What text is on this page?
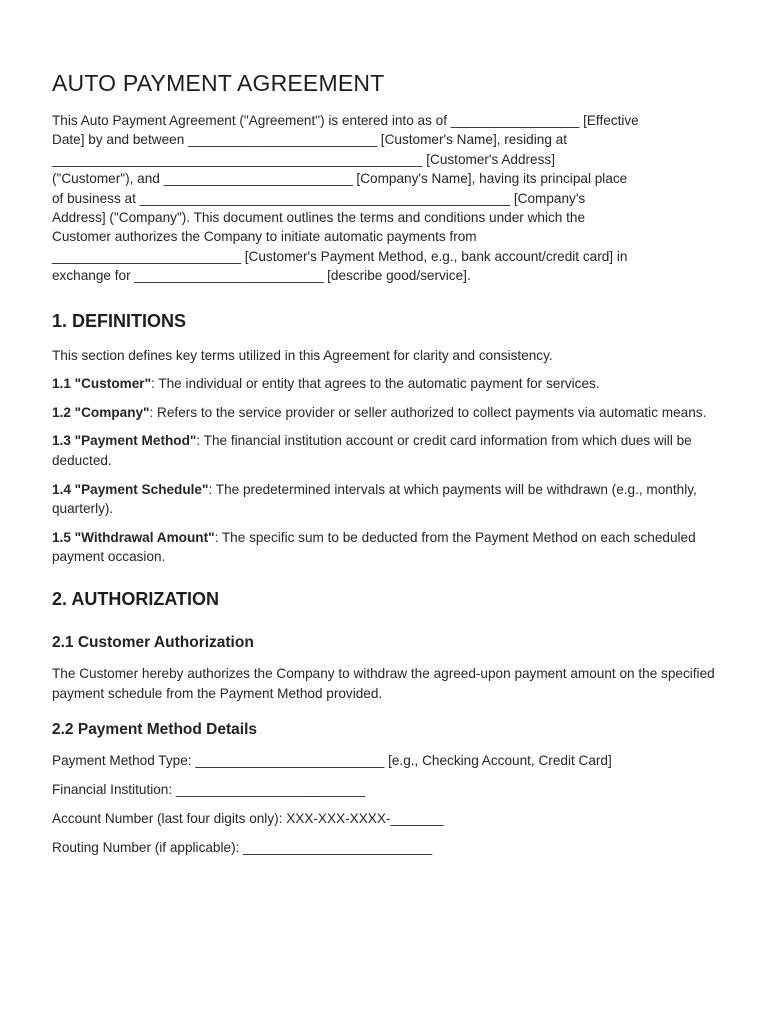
AUTO PAYMENT AGREEMENT
This Auto Payment Agreement ("Agreement") is entered into as of _________________ [Effective
Date] by and between _________________________ [Customer's Name], residing at
_________________________________________________ [Customer's Address]
("Customer"), and _________________________ [Company's Name], having its principal place
of business at _________________________________________________ [Company's
Address] ("Company"). This document outlines the terms and conditions under which the
Customer authorizes the Company to initiate automatic payments from
_________________________ [Customer's Payment Method, e.g., bank account/credit card] in
exchange for _________________________ [describe good/service].
1. DEFINITIONS

This section defines key terms utilized in this Agreement for clarity and consistency.

1.1 "Customer": The individual or entity that agrees to the automatic payment for services.

1.2 "Company": Refers to the service provider or seller authorized to collect payments via automatic means.

1.3 "Payment Method": The financial institution account or credit card information from which dues will be deducted.

1.4 "Payment Schedule": The predetermined intervals at which payments will be withdrawn (e.g., monthly, quarterly).

1.5 "Withdrawal Amount": The specific sum to be deducted from the Payment Method on each scheduled payment occasion.

2. AUTHORIZATION
2.1 Customer Authorization

The Customer hereby authorizes the Company to withdraw the agreed-upon payment amount on the specified payment schedule from the Payment Method provided.

2.2 Payment Method Details

Payment Method Type: _________________________ [e.g., Checking Account, Credit Card]

Financial Institution: _________________________

Account Number (last four digits only): XXX-XXX-XXXX-_______

Routing Number (if applicable): _________________________
